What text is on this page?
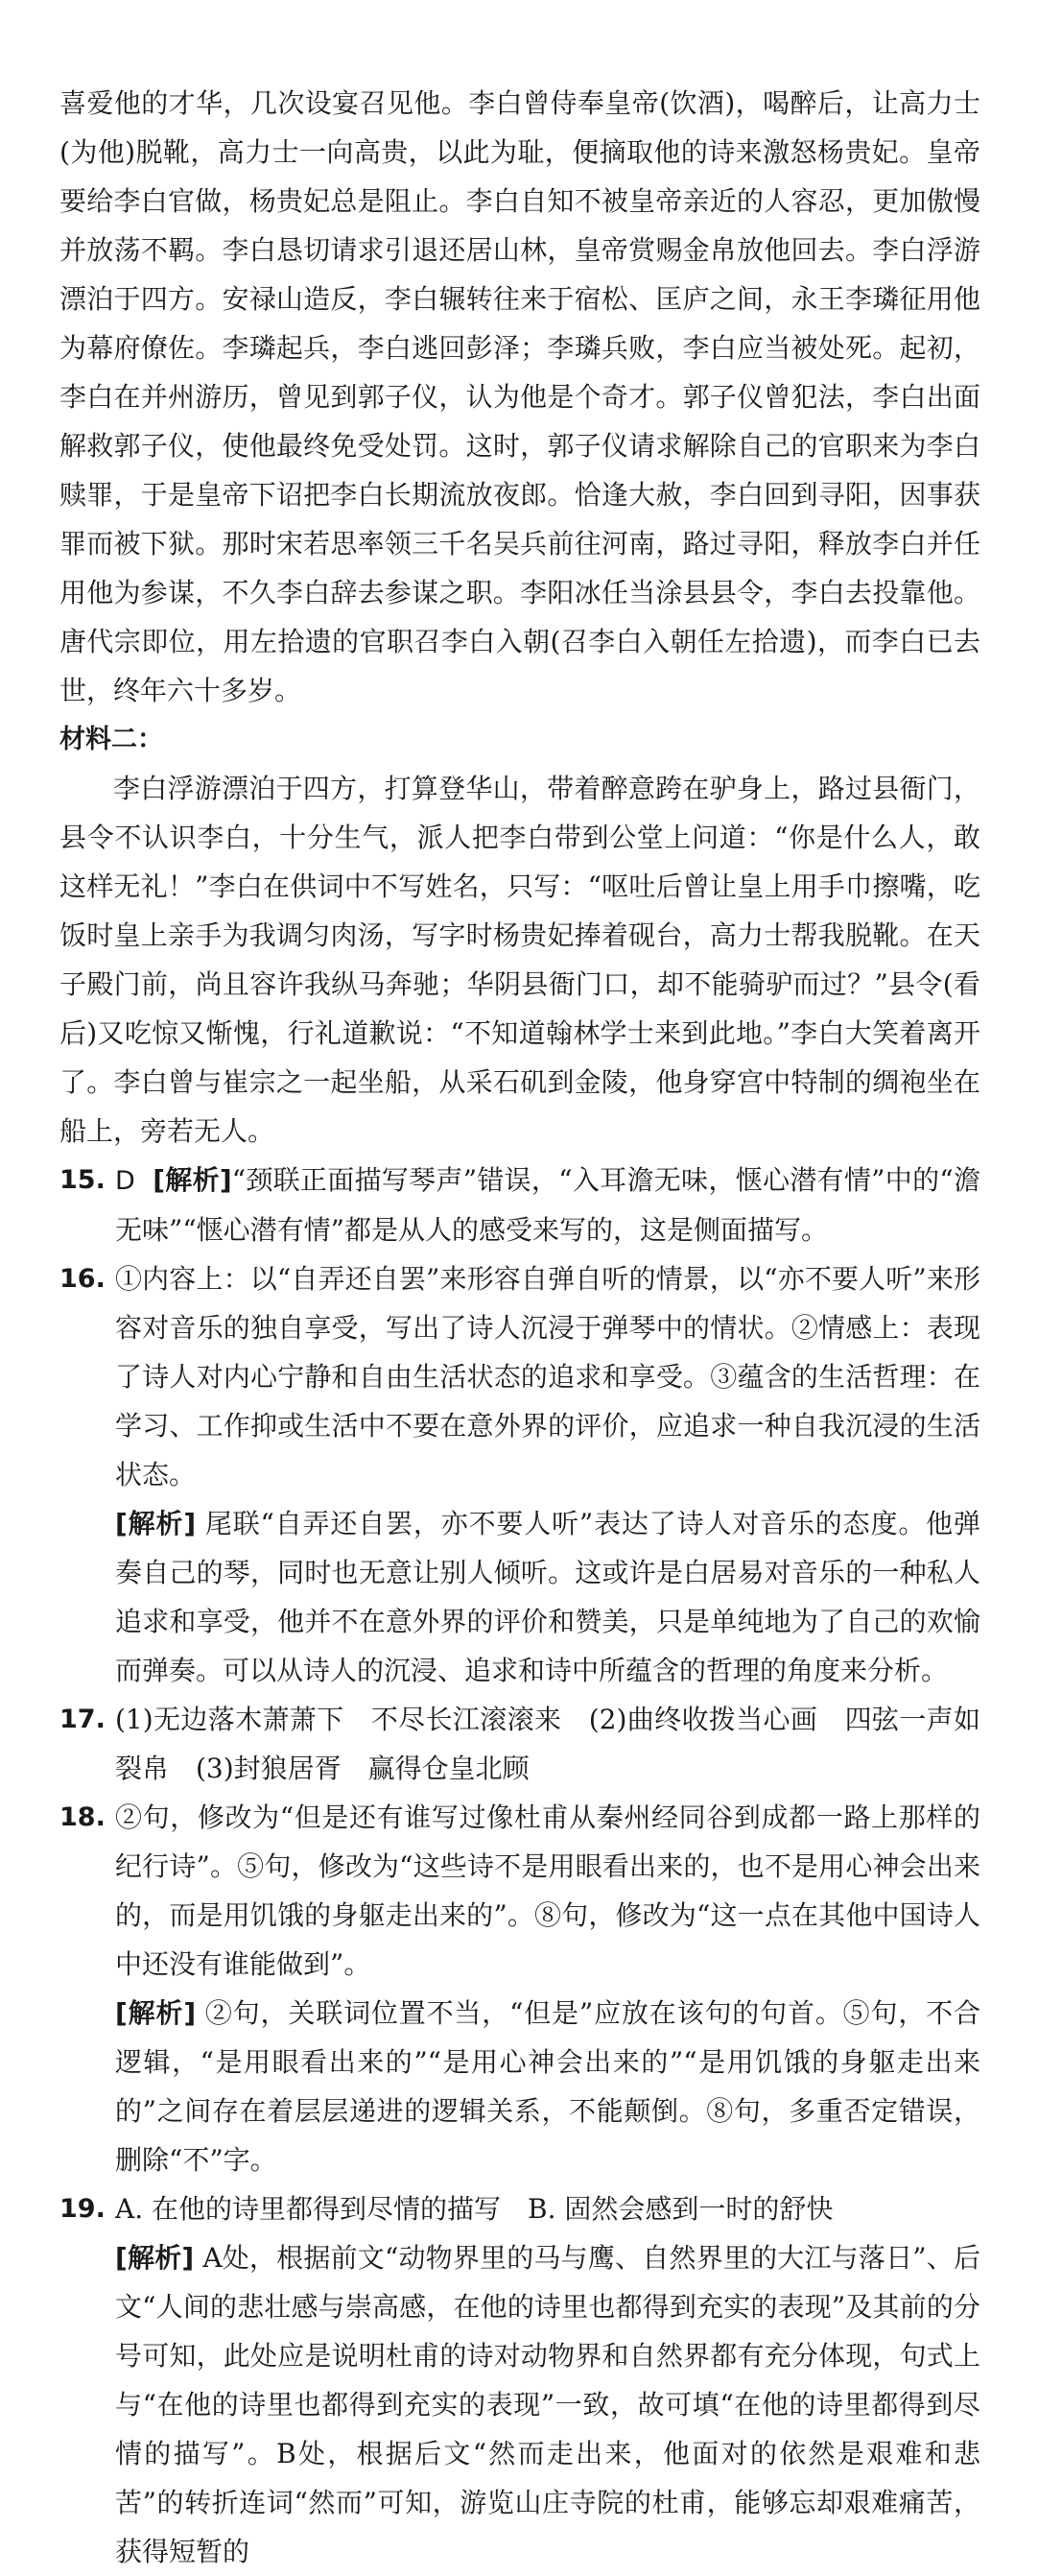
喜爱他的才华，几次设宴召见他。李白曾侍奉皇帝(饮酒)，喝醉后，让高力士(为他)脱靴，高力士一向高贵，以此为耻，便摘取他的诗来激怒杨贵妃。皇帝要给李白官做，杨贵妃总是阻止。李白自知不被皇帝亲近的人容忍，更加傲慢并放荡不羁。李白恳切请求引退还居山林，皇帝赏赐金帛放他回去。李白浮游漂泊于四方。安禄山造反，李白辗转往来于宿松、匡庐之间，永王李璘征用他为幕府僚佐。李璘起兵，李白逃回彭泽；李璘兵败，李白应当被处死。起初，李白在并州游历，曾见到郭子仪，认为他是个奇才。郭子仪曾犯法，李白出面解救郭子仪，使他最终免受处罚。这时，郭子仪请求解除自己的官职来为李白赎罪，于是皇帝下诏把李白长期流放夜郎。恰逢大赦，李白回到寻阳，因事获罪而被下狱。那时宋若思率领三千名吴兵前往河南，路过寻阳，释放李白并任用他为参谋，不久李白辞去参谋之职。李阳冰任当涂县县令，李白去投靠他。唐代宗即位，用左拾遗的官职召李白入朝(召李白入朝任左拾遗)，而李白已去世，终年六十多岁。

材料二：

李白浮游漂泊于四方，打算登华山，带着醉意跨在驴身上，路过县衙门，县令不认识李白，十分生气，派人把李白带到公堂上问道：“你是什么人，敢这样无礼！”李白在供词中不写姓名，只写：“呕吐后曾让皇上用手巾擦嘴，吃饭时皇上亲手为我调匀肉汤，写字时杨贵妃捧着砚台，高力士帮我脱靴。在天子殿门前，尚且容许我纵马奔驰；华阴县衙门口，却不能骑驴而过？”县令(看后)又吃惊又惭愧，行礼道歉说：“不知道翰林学士来到此地。”李白大笑着离开了。李白曾与崔宗之一起坐船，从采石矶到金陵，他身穿宫中特制的绸袍坐在船上，旁若无人。

15. D [解析]“颈联正面描写琴声”错误，“入耳澹无味，惬心潜有情”中的“澹无味”“惬心潜有情”都是从人的感受来写的，这是侧面描写。

16. ①内容上：以“自弄还自罢”来形容自弹自听的情景，以“亦不要人听”来形容对音乐的独自享受，写出了诗人沉浸于弹琴中的情状。②情感上：表现了诗人对内心宁静和自由生活状态的追求和享受。③蕴含的生活哲理：在学习、工作抑或生活中不要在意外界的评价，应追求一种自我沉浸的生活状态。

[解析] 尾联“自弄还自罢，亦不要人听”表达了诗人对音乐的态度。他弹奏自己的琴，同时也无意让别人倾听。这或许是白居易对音乐的一种私人追求和享受，他并不在意外界的评价和赞美，只是单纯地为了自己的欢愉而弹奏。可以从诗人的沉浸、追求和诗中所蕴含的哲理的角度来分析。

17. (1)无边落木萧萧下　不尽长江滚滚来　(2)曲终收拨当心画　四弦一声如裂帛　(3)封狼居胥　赢得仓皇北顾

18. ②句，修改为“但是还有谁写过像杜甫从秦州经同谷到成都一路上那样的纪行诗”。⑤句，修改为“这些诗不是用眼看出来的，也不是用心神会出来的，而是用饥饿的身躯走出来的”。⑧句，修改为“这一点在其他中国诗人中还没有谁能做到”。

[解析] ②句，关联词位置不当，“但是”应放在该句的句首。⑤句，不合逻辑，“是用眼看出来的”“是用心神会出来的”“是用饥饿的身躯走出来的”之间存在着层层递进的逻辑关系，不能颠倒。⑧句，多重否定错误，删除“不”字。

19. A. 在他的诗里都得到尽情的描写　B. 固然会感到一时的舒快

[解析] A处，根据前文“动物界里的马与鹰、自然界里的大江与落日”、后文“人间的悲壮感与崇高感，在他的诗里也都得到充实的表现”及其前的分号可知，此处应是说明杜甫的诗对动物界和自然界都有充分体现，句式上与“在他的诗里也都得到充实的表现”一致，故可填“在他的诗里都得到尽情的描写”。B处，根据后文“然而走出来，他面对的依然是艰难和悲苦”的转折连词“然而”可知，游览山庄寺院的杜甫，能够忘却艰难痛苦，获得短暂的
